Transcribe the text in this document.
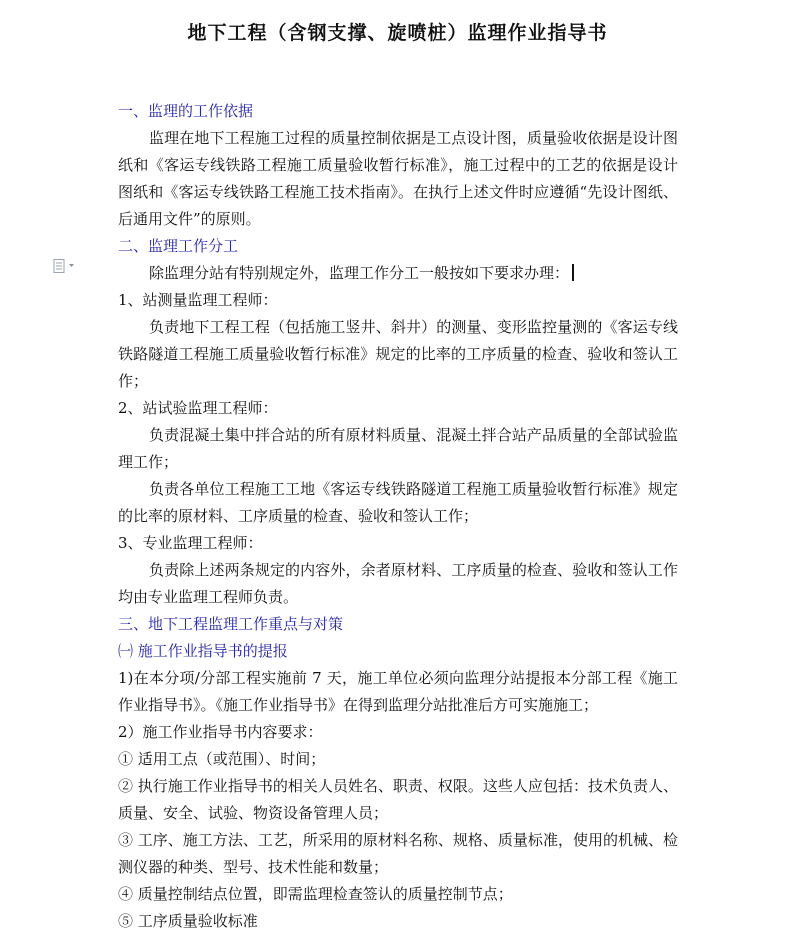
地下工程（含钢支撑、旋喷桩）监理作业指导书

一、监理的工作依据

监理在地下工程施工过程的质量控制依据是工点设计图，质量验收依据是设计图纸和《客运专线铁路工程施工质量验收暂行标准》，施工过程中的工艺的依据是设计图纸和《客运专线铁路工程施工技术指南》。在执行上述文件时应遵循“先设计图纸、后通用文件”的原则。

二、监理工作分工

除监理分站有特别规定外，监理工作分工一般按如下要求办理：

1、站测量监理工程师：

负责地下工程工程（包括施工竖井、斜井）的测量、变形监控量测的《客运专线铁路隧道工程施工质量验收暂行标准》规定的比率的工序质量的检查、验收和签认工作；

2、站试验监理工程师：

负责混凝土集中拌合站的所有原材料质量、混凝土拌合站产品质量的全部试验监理工作；

负责各单位工程施工工地《客运专线铁路隧道工程施工质量验收暂行标准》规定的比率的原材料、工序质量的检查、验收和签认工作；

3、专业监理工程师：

负责除上述两条规定的内容外，余者原材料、工序质量的检查、验收和签认工作均由专业监理工程师负责。

三、地下工程监理工作重点与对策

㈠ 施工作业指导书的提报

1)在本分项/分部工程实施前 7 天，施工单位必须向监理分站提报本分部工程《施工作业指导书》。《施工作业指导书》在得到监理分站批准后方可实施施工；

2）施工作业指导书内容要求：

① 适用工点（或范围）、时间；

② 执行施工作业指导书的相关人员姓名、职责、权限。这些人应包括：技术负责人、质量、安全、试验、物资设备管理人员；

③ 工序、施工方法、工艺，所采用的原材料名称、规格、质量标准，使用的机械、检测仪器的种类、型号、技术性能和数量；

④ 质量控制结点位置，即需监理检查签认的质量控制节点；

⑤ 工序质量验收标准
